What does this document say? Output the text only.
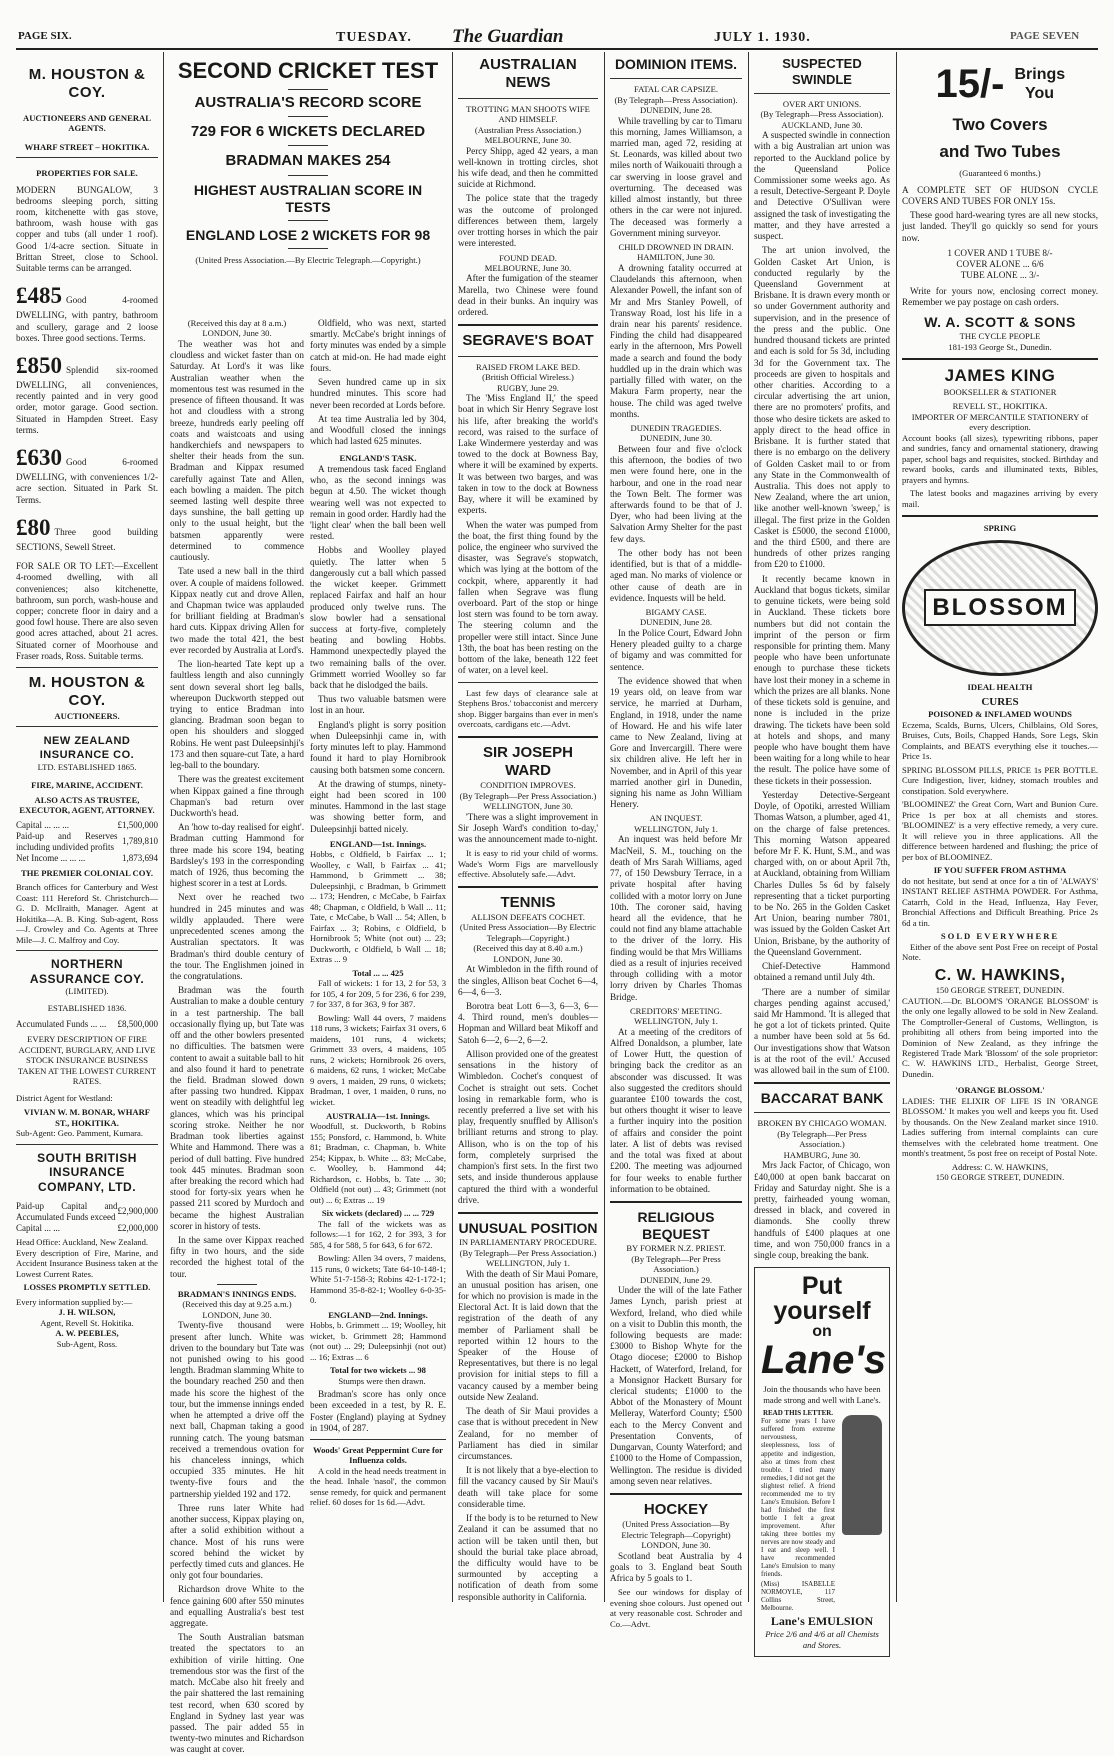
PAGE SIX.	TUESDAY. The Guardian	JULY 1. 1930.	PAGE SEVEN
M. HOUSTON & COY.
AUCTIONEERS AND GENERAL AGENTS.
WHARF STREET – HOKITIKA.
PROPERTIES FOR SALE.

MODERN BUNGALOW, 3 bedrooms sleeping porch, sitting room, kitchenette with gas stove, bathroom, wash house with gas copper and tubs (all under 1 roof). Good 1/4-acre section. Situate in Brittan Street, close to School. Suitable terms can be arranged.

£485 Good 4-roomed DWELLING, with pantry, bathroom and scullery, garage and 2 loose boxes. Three good sections. Terms.

£850 Splendid six-roomed DWELLING, all conveniences, recently painted and in very good order, motor garage. Good section. Situated in Hampden Street. Easy terms.

£630 Good 6-roomed DWELLING, with conveniences 1/2-acre section. Situated in Park St. Terms.

£80 Three good building SECTIONS, Sewell Street.

FOR SALE OR TO LET:—Excellent 4-roomed dwelling, with all conveniences; also kitchenette, bathroom, sun porch, wash-house and copper; concrete floor in dairy and a good fowl house. There are also seven good acres attached, about 21 acres. Situated corner of Moorhouse and Fraser roads, Ross. Suitable terms.

M. HOUSTON & COY.
AUCTIONEERS.
NEW ZEALAND INSURANCE CO.
LTD. ESTABLISHED 1865.
FIRE, MARINE, ACCIDENT.
ALSO ACTS AS TRUSTEE, EXECUTOR, AGENT, ATTORNEY.
Capital ... ... ...	£1,500,000
Paid-up and Reserves including undivided profits	1,789,810
Net Income ... ... ...	1,873,694
THE PREMIER COLONIAL COY.

Branch offices for Canterbury and West Coast: 111 Hereford St. Christchurch—G. D. McIlraith, Manager. Agent at Hokitika—A. B. King. Sub-agent, Ross—J. Crowley and Co. Agents at Three Mile—J. C. Malfroy and Coy.

NORTHERN ASSURANCE COY.
(LIMITED).
ESTABLISHED 1836.
Accumulated Funds ... ...	£8,500,000
EVERY DESCRIPTION OF FIRE ACCIDENT, BURGLARY, AND LIVE STOCK INSURANCE BUSINESS TAKEN AT THE LOWEST CURRENT RATES.
District Agent for Westland:
VIVIAN W. M. BONAR, WHARF ST., HOKITIKA.
Sub-Agent: Geo. Pamment, Kumara.
SOUTH BRITISH INSURANCE COMPANY, LTD.
Paid-up Capital and Accumulated Funds exceed	£2,900,000
Capital ... ...	£2,000,000
Head Office: Auckland, New Zealand.

Every description of Fire, Marine, and Accident Insurance Business taken at the Lowest Current Rates.

LOSSES PROMPTLY SETTLED.
Every information supplied by:—
J. H. WILSON,
Agent, Revell St. Hokitika.
A. W. PEEBLES,
Sub-Agent, Ross.
SECOND CRICKET TEST
AUSTRALIA'S RECORD SCORE
729 FOR 6 WICKETS DECLARED
BRADMAN MAKES 254
HIGHEST AUSTRALIAN SCORE IN TESTS
ENGLAND LOSE 2 WICKETS FOR 98
(United Press Association.—By Electric Telegraph.—Copyright.)
(Received this day at 8 a.m.)
LONDON, June 30.

The weather was hot and cloudless and wicket faster than on Saturday. At Lord's it was like Australian weather when the momentous test was resumed in the presence of fifteen thousand. It was hot and cloudless with a strong breeze, hundreds early peeling off coats and waistcoats and using handkerchiefs and newspapers to shelter their heads from the sun. Bradman and Kippax resumed carefully against Tate and Allen, each bowling a maiden. The pitch seemed lasting well despite three days sunshine, the ball getting up only to the usual height, but the batsmen apparently were determined to commence cautiously.

Tate used a new ball in the third over. A couple of maidens followed. Kippax neatly cut and drove Allen, and Chapman twice was applauded for brilliant fielding at Bradman's hard cuts. Kippax driving Allen for two made the total 421, the best ever recorded by Australia at Lord's.

The lion-hearted Tate kept up a faultless length and also cunningly sent down several short leg balls, whereupon Duckworth stepped out trying to entice Bradman into glancing. Bradman soon began to open his shoulders and slogged Robins. He went past Duleepsinhji's 173 and then square-cut Tate, a hard leg-ball to the boundary.

There was the greatest excitement when Kippax gained a fine through Chapman's bad return over Duckworth's head.

An 'how to-day realised for eight'. Bradman cutting Hammond for three made his score 194, beating Bardsley's 193 in the corresponding match of 1926, thus becoming the highest scorer in a test at Lords.

Next over he reached two hundred in 245 minutes and was wildly applauded. There were unprecedented scenes among the Australian spectators. It was Bradman's third double century of the tour. The Englishmen joined in the congratulations.

Bradman was the fourth Australian to make a double century in a test partnership. The ball occasionally flying up, but Tate was off and the other bowlers presented no difficulties. The batsmen were content to await a suitable ball to hit and also found it hard to penetrate the field. Bradman slowed down after passing two hundred. Kippax went on steadily with delightful leg glances, which was his principal scoring stroke. Neither he nor Bradman took liberties against White and Hammond. There was a period of dull batting. Five hundred took 445 minutes. Bradman soon after breaking the record which had stood for forty-six years when he passed 211 scored by Murdoch and became the highest Australian scorer in history of tests.

In the same over Kippax reached fifty in two hours, and the side recorded the highest total of the tour.

BRADMAN'S INNINGS ENDS.
(Received this day at 9.25 a.m.)
LONDON, June 30.

Twenty-five thousand were present after lunch. White was driven to the boundary but Tate was not punished owing to his good length. Bradman slamming White to the boundary reached 250 and then made his score the highest of the tour, but the immense innings ended when he attempted a drive off the next ball, Chapman taking a good running catch. The young batsman received a tremendous ovation for his chanceless innings, which occupied 335 minutes. He hit twenty-five fours and the partnership yielded 192 and 172.

Three runs later White had another success, Kippax playing on, after a solid exhibition without a chance. Most of his runs were scored behind the wicket by perfectly timed cuts and glances. He only got four boundaries.

Richardson drove White to the fence gaining 600 after 550 minutes and equalling Australia's best test aggregate.

The South Australian batsman treated the spectators to an exhibition of virile hitting. One tremendous stor was the first of the match. McCabe also hit freely and the pair shattered the last remaining test record, when 630 scored by England in Sydney last year was passed. The pair added 55 in twenty-two minutes and Richardson was caught at cover.

Oldfield, who was next, started smartly. McCabe's bright innings of forty minutes was ended by a simple catch at mid-on. He had made eight fours.

Seven hundred came up in six hundred minutes. This score had never been recorded at Lords before.

At tea time Australia led by 304, and Woodfull closed the innings which had lasted 625 minutes.

ENGLAND'S TASK.

A tremendous task faced England who, as the second innings was begun at 4.50. The wicket though wearing well was not expected to remain in good order. Hardly had the 'light clear' when the ball been well rested.

Hobbs and Woolley played quietly. The latter when 5 dangerously cut a ball which passed the wicket keeper. Grimmett replaced Fairfax and half an hour produced only twelve runs. The slow bowler had a sensational success at forty-five, completely beating and bowling Hobbs. Hammond unexpectedly played the two remaining balls of the over. Grimmett worried Woolley so far back that he dislodged the bails.

Thus two valuable batsmen were lost in an hour.

England's plight is sorry position when Duleepsinhji came in, with forty minutes left to play. Hammond found it hard to play Hornibrook causing both batsmen some concern.

At the drawing of stumps, ninety-eight had been scored in 100 minutes. Hammond in the last stage was showing better form, and Duleepsinhji batted nicely.

ENGLAND—1st. Innings.

Hobbs, c Oldfield, b Fairfax ... 1; Woolley, c Wall, b Fairfax ... 41; Hammond, b Grimmett ... 38; Duleepsinhji, c Bradman, b Grimmett ... 173; Hendren, c McCabe, b Fairfax 48; Chapman, c Oldfield, b Wall ... 11; Tate, c McCabe, b Wall ... 54; Allen, b Fairfax ... 3; Robins, c Oldfield, b Hornibrook 5; White (not out) ... 23; Duckworth, c Oldfield, b Wall ... 18; Extras ... 9

Total ... ... 425

Fall of wickets: 1 for 13, 2 for 53, 3 for 105, 4 for 209, 5 for 236, 6 for 239, 7 for 337, 8 for 363, 9 for 387.

Bowling: Wall 44 overs, 7 maidens 118 runs, 3 wickets; Fairfax 31 overs, 6 maidens, 101 runs, 4 wickets; Grimmett 33 overs, 4 maidens, 105 runs, 2 wickets; Hornibrook 26 overs, 6 maidens, 62 runs, 1 wicket; McCabe 9 overs, 1 maiden, 29 runs, 0 wickets; Bradman, 1 over, 1 maiden, 0 runs, no wicket.

AUSTRALIA—1st. Innings.

Woodfull, st. Duckworth, b Robins 155; Ponsford, c. Hammond, b. White 81; Bradman, c. Chapman, b. White 254; Kippax, b. White ... 83; McCabe, c. Woolley, b. Hammond 44; Richardson, c. Hobbs, b. Tate ... 30; Oldfield (not out) ... 43; Grimmett (not out) ... 6; Extras ... 19

Six wickets (declared) ... ... 729

The fall of the wickets was as follows:—1 for 162, 2 for 393, 3 for 585, 4 for 588, 5 for 643, 6 for 672.

Bowling: Allen 34 overs, 7 maidens, 115 runs, 0 wickets; Tate 64-10-148-1; White 51-7-158-3; Robins 42-1-172-1; Hammond 35-8-82-1; Woolley 6-0-35-0.

ENGLAND—2nd. Innings.

Hobbs, b. Grimmett ... 19; Woolley, hit wicket, b. Grimmett 28; Hammond (not out) ... 29; Duleepsinhji (not out) ... 16; Extras ... 6

Total for two wickets ... 98

Stumps were then drawn.

Bradman's score has only once been exceeded in a test, by R. E. Foster (England) playing at Sydney in 1904, of 287.

Woods' Great Peppermint Cure for Influenza colds.

A cold in the head needs treatment in the head. Inhale 'nasol', the common sense remedy, for quick and permanent relief. 60 doses for 1s 6d.—Advt.

AUSTRALIAN NEWS
TROTTING MAN SHOOTS WIFE AND HIMSELF.
(Australian Press Association.)
MELBOURNE, June 30.

Percy Shipp, aged 42 years, a man well-known in trotting circles, shot his wife dead, and then he committed suicide at Richmond.

The police state that the tragedy was the outcome of prolonged differences between them, largely over trotting horses in which the pair were interested.

FOUND DEAD.
MELBOURNE, June 30.

After the fumigation of the steamer Marella, two Chinese were found dead in their bunks. An inquiry was ordered.

SEGRAVE'S BOAT
RAISED FROM LAKE BED.
(British Official Wireless.)
RUGBY, June 29.

The 'Miss England II,' the speed boat in which Sir Henry Segrave lost his life, after breaking the world's record, was raised to the surface of Lake Windermere yesterday and was towed to the dock at Bowness Bay, where it will be examined by experts. It was between two barges, and was taken in tow to the dock at Bowness Bay, where it will be examined by experts.

When the water was pumped from the boat, the first thing found by the police, the engineer who survived the disaster, was Segrave's stopwatch, which was lying at the bottom of the cockpit, where, apparently it had fallen when Segrave was flung overboard. Part of the stop or hinge lost stern was found to be torn away. The steering column and the propeller were still intact. Since June 13th, the boat has been resting on the bottom of the lake, beneath 122 feet of water, on a level keel.

Last few days of clearance sale at Stephens Bros.' tobacconist and mercery shop. Bigger bargains than ever in men's overcoats, cardigans etc.—Advt.

SIR JOSEPH WARD
CONDITION IMPROVES.
(By Telegraph—Per Press Association.)
WELLINGTON, June 30.

'There was a slight improvement in Sir Joseph Ward's condition to-day,' was the announcement made to-night.

It is easy to rid your child of worms. Wade's Worm Figs are marvellously effective. Absolutely safe.—Advt.

TENNIS
ALLISON DEFEATS COCHET.
(United Press Association—By Electric Telegraph—Copyright.)
(Received this day at 8.40 a.m.)
LONDON, June 30.

At Wimbledon in the fifth round of the singles, Allison beat Cochet 6—4, 6—4, 6—3.

Borotra beat Lott 6—3, 6—3, 6—4. Third round, men's doubles—Hopman and Willard beat Mikoff and Satoh 6—2, 6—2, 6—2.

Allison provided one of the greatest sensations in the history of Wimbledon. Cochet's conquest of Cochet is straight out sets. Cochet losing in remarkable form, who is recently preferred a live set with his play, frequently snuffled by Allison's brilliant returns and strong to play. Allison, who is on the top of his form, completely surprised the champion's first sets. In the first two sets, and inside thunderous applause captured the third with a wonderful drive.

UNUSUAL POSITION
IN PARLIAMENTARY PROCEDURE.
(By Telegraph—Per Press Association.)
WELLINGTON, July 1.

With the death of Sir Maui Pomare, an unusual position has arisen, one for which no provision is made in the Electoral Act. It is laid down that the registration of the death of any member of Parliament shall be reported within 12 hours to the Speaker of the House of Representatives, but there is no legal provision for initial steps to fill a vacancy caused by a member being outside New Zealand.

The death of Sir Maui provides a case that is without precedent in New Zealand, for no member of Parliament has died in similar circumstances.

It is not likely that a bye-election to fill the vacancy caused by Sir Maui's death will take place for some considerable time.

If the body is to be returned to New Zealand it can be assumed that no action will be taken until then, but should the burial take place abroad, the difficulty would have to be surmounted by accepting a notification of death from some responsible authority in California.

DOMINION ITEMS.
FATAL CAR CAPSIZE.
(By Telegraph—Press Association).
DUNEDIN, June 28.

While travelling by car to Timaru this morning, James Williamson, a married man, aged 72, residing at St. Leonards, was killed about two miles north of Waikouaiti through a car swerving in loose gravel and overturning. The deceased was killed almost instantly, but three others in the car were not injured. The deceased was formerly a Government mining surveyor.

CHILD DROWNED IN DRAIN.
HAMILTON, June 30.

A drowning fatality occurred at Claudelands this afternoon, when Alexander Powell, the infant son of Mr and Mrs Stanley Powell, of Transway Road, lost his life in a drain near his parents' residence. Finding the child had disappeared early in the afternoon, Mrs Powell made a search and found the body huddled up in the drain which was partially filled with water, on the Makura Farm property, near the house. The child was aged twelve months.

DUNEDIN TRAGEDIES.
DUNEDIN, June 30.

Between four and five o'clock this afternoon, the bodies of two men were found here, one in the harbour, and one in the road near the Town Belt. The former was afterwards found to be that of J. Dyer, who had been living at the Salvation Army Shelter for the past few days.

The other body has not been identified, but is that of a middle-aged man. No marks of violence or other cause of death are in evidence. Inquests will be held.

BIGAMY CASE.
DUNEDIN, June 28.

In the Police Court, Edward John Henery pleaded guilty to a charge of bigamy and was committed for sentence.

The evidence showed that when 19 years old, on leave from war service, he married at Durham, England, in 1918, under the name of Howard. He and his wife later came to New Zealand, living at Gore and Invercargill. There were six children alive. He left her in November, and in April of this year married another girl in Dunedin, signing his name as John William Henery.

AN INQUEST.
WELLINGTON, July 1.

An inquest was held before Mr MacNeil, S. M., touching on the death of Mrs Sarah Williams, aged 77, of 150 Dewsbury Terrace, in a private hospital after having collided with a motor lorry on June 10th. The coroner said, having heard all the evidence, that he could not find any blame attachable to the driver of the lorry. His finding would be that Mrs Williams died as a result of injuries received through colliding with a motor lorry driven by Charles Thomas Bridge.

CREDITORS' MEETING.
WELLINGTON, July 1.

At a meeting of the creditors of Alfred Donaldson, a plumber, late of Lower Hutt, the question of bringing back the creditor as an absconder was discussed. It was also suggested the creditors should guarantee £100 towards the cost, but others thought it wiser to leave a further inquiry into the position of affairs and consider the point later. A list of debts was revised and the total was fixed at about £200. The meeting was adjourned for four weeks to enable further information to be obtained.

RELIGIOUS BEQUEST
BY FORMER N.Z. PRIEST.
(By Telegraph—Per Press Association.)
DUNEDIN, June 29.

Under the will of the late Father James Lynch, parish priest at Wexford, Ireland, who died while on a visit to Dublin this month, the following bequests are made: £3000 to Bishop Whyte for the Otago diocese; £2000 to Bishop Hackett, of Waterford, Ireland, for a Monsignor Hackett Bursary for clerical students; £1000 to the Abbot of the Monastery of Mount Melleray, Waterford County; £500 each to the Mercy Convent and Presentation Convents, of Dungarvan, County Waterford; and £1000 to the Home of Compassion, Wellington. The residue is divided among seven near relatives.

HOCKEY
(United Press Association—By Electric Telegraph—Copyright)
LONDON, June 30.

Scotland beat Australia by 4 goals to 3. England beat South Africa by 5 goals to 1.

See our windows for display of evening shoe colours. Just opened out at very reasonable cost. Schroder and Co.—Advt.

SUSPECTED SWINDLE
OVER ART UNIONS.
(By Telegraph—Press Association).
AUCKLAND, June 30.

A suspected swindle in connection with a big Australian art union was reported to the Auckland police by the Queensland Police Commissioner some weeks ago. As a result, Detective-Sergeant P. Doyle and Detective O'Sullivan were assigned the task of investigating the matter, and they have arrested a suspect.

The art union involved, the Golden Casket Art Union, is conducted regularly by the Queensland Government at Brisbane. It is drawn every month or so under Government authority and supervision, and in the presence of the press and the public. One hundred thousand tickets are printed and each is sold for 5s 3d, including 3d for the Government tax. The proceeds are given to hospitals and other charities. According to a circular advertising the art union, there are no promoters' profits, and those who desire tickets are asked to apply direct to the head office in Brisbane. It is further stated that there is no embargo on the delivery of Golden Casket mail to or from any State in the Commonwealth of Australia. This does not apply to New Zealand, where the art union, like another well-known 'sweep,' is illegal. The first prize in the Golden Casket is £5000, the second £1000, and the third £500, and there are hundreds of other prizes ranging from £20 to £1000.

It recently became known in Auckland that bogus tickets, similar to genuine tickets, were being sold in Auckland. These tickets bore numbers but did not contain the imprint of the person or firm responsible for printing them. Many people who have been unfortunate enough to purchase these tickets have lost their money in a scheme in which the prizes are all blanks. None of these tickets sold is genuine, and none is included in the prize drawing. The tickets have been sold at hotels and shops, and many people who have bought them have been waiting for a long while to hear the result. The police have some of these tickets in their possession.

Yesterday Detective-Sergeant Doyle, of Opotiki, arrested William Thomas Watson, a plumber, aged 41, on the charge of false pretences. This morning Watson appeared before Mr F. K. Hunt, S.M., and was charged with, on or about April 7th, at Auckland, obtaining from William Charles Dulles 5s 6d by falsely representing that a ticket purporting to be No. 265 in the Golden Casket Art Union, bearing number 7801, was issued by the Golden Casket Art Union, Brisbane, by the authority of the Queensland Government.

Chief-Detective Hammond obtained a remand until July 4th.

'There are a number of similar charges pending against accused,' said Mr Hammond. 'It is alleged that he got a lot of tickets printed. Quite a number have been sold at 5s 6d. Our investigations show that Watson is at the root of the evil.' Accused was allowed bail in the sum of £100.

BACCARAT BANK
BROKEN BY CHICAGO WOMAN.
(By Telegraph—Per Press Association.)
HAMBURG, June 30.

Mrs Jack Factor, of Chicago, won £40,000 at open bank baccarat on Friday and Saturday night. She is a pretty, fairheaded young woman, dressed in black, and covered in diamonds. She coolly threw handfuls of £400 plaques at one time, and won 750,000 francs in a single coup, breaking the bank.

Put yourself
on
Lane's
Join the thousands who have been made strong and well with Lane's.
READ THIS LETTER.
For some years I have suffered from extreme nervousness, sleeplessness, loss of appetite and indigestion, also at times from chest trouble. I tried many remedies, I did not get the slightest relief. A friend recommended me to try Lane's Emulsion. Before I had finished the first bottle I felt a great improvement. After taking three bottles my nerves are now steady and I eat and sleep well. I have recommended Lane's Emulsion to many friends.
(Miss) ISABELLE NORMOYLE, 117 Collins Street, Melbourne.
Lane's EMULSION
Price 2/6 and 4/6 at all Chemists and Stores.
15/- Brings You
Two Covers
and Two Tubes
(Guaranteed 6 months.)

A COMPLETE SET OF HUDSON CYCLE COVERS AND TUBES FOR ONLY 15s.

These good hard-wearing tyres are all new stocks, just landed. They'll go quickly so send for yours now.

1 COVER AND 1 TUBE 8/-
COVER ALONE ... 6/6
TUBE ALONE ... 3/-

Write for yours now, enclosing correct money. Remember we pay postage on cash orders.

W. A. SCOTT & SONS
THE CYCLE PEOPLE
181-193 George St., Dunedin.
JAMES KING
BOOKSELLER & STATIONER
REVELL ST., HOKITIKA.
IMPORTER OF MERCANTILE STATIONERY of every description.

Account books (all sizes), typewriting ribbons, paper and sundries, fancy and ornamental stationery, drawing paper, school bags and requisites, stocked. Birthday and reward books, cards and illuminated texts, Bibles, prayers and hymns.

The latest books and magazines arriving by every mail.

SPRING
BLOSSOM
IDEAL HEALTH
CURES
POISONED & INFLAMED WOUNDS

Eczema, Scalds, Burns, Ulcers, Chilblains, Old Sores, Bruises, Cuts, Boils, Chapped Hands, Sore Legs, Skin Complaints, and BEATS everything else it touches.—Price 1s.

SPRING BLOSSOM PILLS, PRICE 1s PER BOTTLE. Cure Indigestion, liver, kidney, stomach troubles and constipation. Sold everywhere.

'BLOOMINEZ' the Great Corn, Wart and Bunion Cure. Price 1s per box at all chemists and stores. 'BLOOMINEZ' is a very effective remedy, a very cure. It will relieve you in three applications. All the difference between hardened and flushing; the price of per box of BLOOMINEZ.

IF YOU SUFFER FROM ASTHMA

do not hesitate, but send at once for a tin of 'ALWAYS' INSTANT RELIEF ASTHMA POWDER. For Asthma, Catarrh, Cold in the Head, Influenza, Hay Fever, Bronchial Affections and Difficult Breathing. Price 2s 6d a tin.

SOLD EVERYWHERE

Either of the above sent Post Free on receipt of Postal Note.

C. W. HAWKINS,
150 GEORGE STREET, DUNEDIN.

CAUTION.—Dr. BLOOM'S 'ORANGE BLOSSOM' is the only one legally allowed to be sold in New Zealand. The Comptroller-General of Customs, Wellington, is prohibiting all others from being imported into the Dominion of New Zealand, as they infringe the Registered Trade Mark 'Blossom' of the sole proprietor: C. W. HAWKINS LTD., Herbalist, George Street, Dunedin.

'ORANGE BLOSSOM.'

LADIES: THE ELIXIR OF LIFE IS IN 'ORANGE BLOSSOM.' It makes you well and keeps you fit. Used by thousands. On the New Zealand market since 1910. Ladies suffering from internal complaints can cure themselves with the celebrated home treatment. One month's treatment, 5s post free on receipt of Postal Note.

Address: C. W. HAWKINS,
150 GEORGE STREET, DUNEDIN.
